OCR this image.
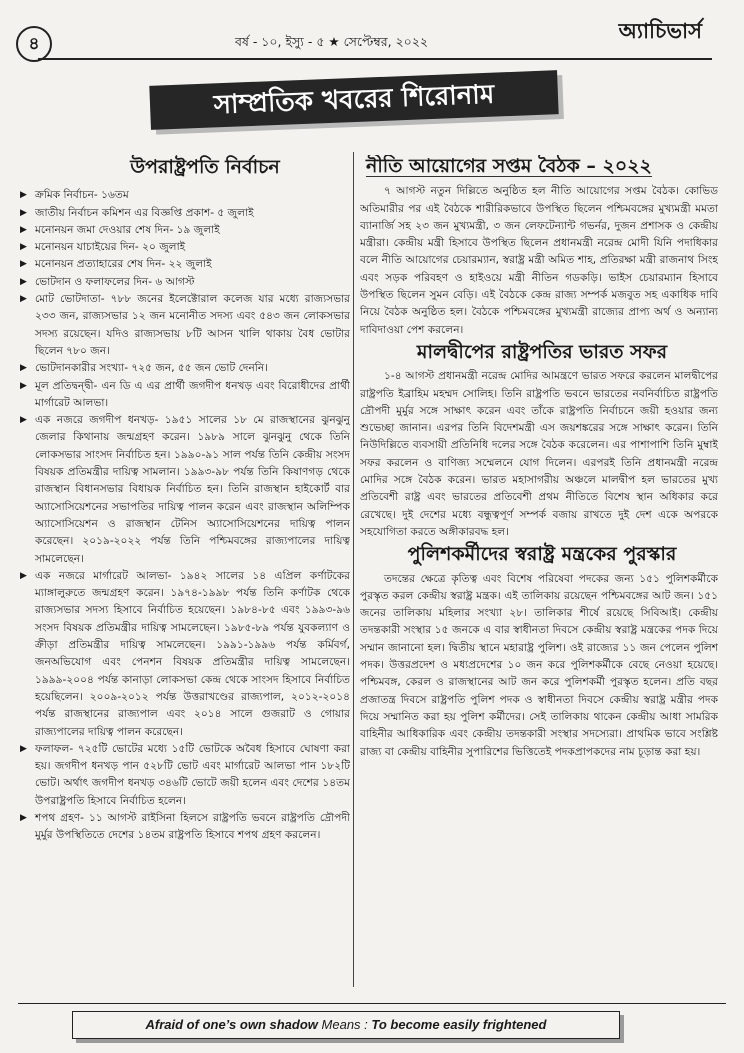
৪	বর্ষ - ১০, ইস্যু - ৫ ★ সেপ্টেম্বর, ২০২২	অ্যাচিভার্স
সাম্প্রতিক খবরের শিরোনাম
উপরাষ্ট্রপতি নির্বাচন
▶ ক্রমিক নির্বাচন- ১৬তম

▶ জাতীয় নির্বাচন কমিশন এর বিজ্ঞপ্তি প্রকাশ- ৫ জুলাই

▶ মনোনয়ন জমা দেওয়ার শেষ দিন- ১৯ জুলাই

▶ মনোনয়ন যাচাইয়ের দিন- ২০ জুলাই

▶ মনোনয়ন প্রত্যাহারের শেষ দিন- ২২ জুলাই

▶ ভোটদান ও ফলাফলের দিন- ৬ আগস্ট

▶ মোট ভোটদাতা- ৭৮৮ জনের ইলেক্টোরাল কলেজ যার মধ্যে রাজ্যসভার ২৩৩ জন, রাজ্যসভার ১২ জন মনোনীত সদস্য এবং ৫৪৩ জন লোকসভার সদস্য রয়েছেন। যদিও রাজ্যসভায় ৮টি আসন খালি থাকায় বৈধ ভোটার ছিলেন ৭৮০ জন।

▶ ভোটদানকারীর সংখ্যা- ৭২৫ জন, ৫৫ জন ভোট দেননি।

▶ মূল প্রতিদ্বন্দ্বী- এন ডি এ এর প্রার্থী জগদীপ ধনখড় এবং বিরোধীদের প্রার্থী মার্গারেট আলভা।

▶ এক নজরে জগদীপ ধনখড়- ১৯৫১ সালের ১৮ মে রাজস্থানের ঝুনঝুনু জেলার কিথানায় জন্মগ্রহণ করেন। ১৯৮৯ সালে ঝুনঝুনু থেকে তিনি লোকসভার সাংসদ নির্বাচিত হন। ১৯৯০-৯১ সাল পর্যন্ত তিনি কেন্দ্রীয় সংসদ বিষয়ক প্রতিমন্ত্রীর দায়িত্ব সামলান। ১৯৯৩-৯৮ পর্যন্ত তিনি কিষাণগড় থেকে রাজস্থান বিধানসভার বিধায়ক নির্বাচিত হন। তিনি রাজস্থান হাইকোর্ট বার অ্যাসোসিয়েশনের সভাপতির দায়িত্ব পালন করেন এবং রাজস্থান অলিম্পিক অ্যাসোসিয়েশন ও রাজস্থান টেনিস অ্যাসোসিয়েশনের দায়িত্ব পালন করেছেন। ২০১৯-২০২২ পর্যন্ত তিনি পশ্চিমবঙ্গের রাজ্যপালের দায়িত্ব সামলেছেন।

▶ এক নজরে মার্গারেট আলভা- ১৯৪২ সালের ১৪ এপ্রিল কর্ণাটকের ম্যাঙ্গালুরুতে জন্মগ্রহণ করেন। ১৯৭৪-১৯৯৮ পর্যন্ত তিনি কর্ণাটক থেকে রাজ্যসভার সদস্য হিসাবে নির্বাচিত হয়েছেন। ১৯৮৪-৮৫ এবং ১৯৯৩-৯৬ সংসদ বিষয়ক প্রতিমন্ত্রীর দায়িত্ব সামলেছেন। ১৯৮৫-৮৯ পর্যন্ত যুবকল্যাণ ও ক্রীড়া প্রতিমন্ত্রীর দায়িত্ব সামলেছেন। ১৯৯১-১৯৯৬ পর্যন্ত কর্মিবর্গ, জনঅভিযোগ এবং পেনশন বিষয়ক প্রতিমন্ত্রীর দায়িত্ব সামলেছেন। ১৯৯৯-২০০৪ পর্যন্ত কানাড়া লোকসভা কেন্দ্র থেকে সাংসদ হিসাবে নির্বাচিত হয়েছিলেন। ২০০৯-২০১২ পর্যন্ত উত্তরাখণ্ডের রাজ্যপাল, ২০১২-২০১৪ পর্যন্ত রাজস্থানের রাজ্যপাল এবং ২০১৪ সালে গুজরাট ও গোয়ার রাজ্যপালের দায়িত্ব পালন করেছেন।

▶ ফলাফল- ৭২৫টি ভোটের মধ্যে ১৫টি ভোটকে অবৈধ হিসাবে ঘোষণা করা হয়। জগদীপ ধনখড় পান ৫২৮টি ভোট এবং মার্গারেট আলভা পান ১৮২টি ভোট। অর্থাৎ জগদীপ ধনখড় ৩৪৬টি ভোটে জয়ী হলেন এবং দেশের ১৪তম উপরাষ্ট্রপতি হিসাবে নির্বাচিত হলেন।

▶ শপথ গ্রহণ- ১১ আগস্ট রাইসিনা হিলসে রাষ্ট্রপতি ভবনে রাষ্ট্রপতি দ্রৌপদী মুর্মুর উপস্থিতিতে দেশের ১৪তম রাষ্ট্রপতি হিসাবে শপথ গ্রহণ করলেন।

নীতি আয়োগের সপ্তম বৈঠক – ২০২২

৭ আগস্ট নতুন দিল্লিতে অনুষ্ঠিত হল নীতি আয়োগের সপ্তম বৈঠক। কোভিড অতিমারীর পর এই বৈঠকে শারীরিকভাবে উপস্থিত ছিলেন পশ্চিমবঙ্গের মুখ্যমন্ত্রী মমতা ব্যানার্জি সহ ২৩ জন মুখ্যমন্ত্রী, ৩ জন লেফটেন্যান্ট গভর্নর, দুজন প্রশাসক ও কেন্দ্রীয় মন্ত্রীরা। কেন্দ্রীয় মন্ত্রী হিসাবে উপস্থিত ছিলেন প্রধানমন্ত্রী নরেন্দ্র মোদী যিনি পদাধিকার বলে নীতি আয়োগের চেয়ারম্যান, স্বরাষ্ট্র মন্ত্রী অমিত শাহ, প্রতিরক্ষা মন্ত্রী রাজনাথ সিংহ এবং সড়ক পরিবহণ ও হাইওয়ে মন্ত্রী নীতিন গডকড়ি। ভাইস চেয়ারম্যান হিসাবে উপস্থিত ছিলেন সুমন বেড়ি। এই বৈঠকে কেন্দ্র রাজ্য সম্পর্ক মজবুত সহ একাধিক দাবি নিয়ে বৈঠক অনুষ্ঠিত হল। বৈঠকে পশ্চিমবঙ্গের মুখ্যমন্ত্রী রাজ্যের প্রাপ্য অর্থ ও অন্যান্য দাবিদাওয়া পেশ করলেন।

মালদ্বীপের রাষ্ট্রপতির ভারত সফর

১-৪ আগস্ট প্রধানমন্ত্রী নরেন্দ্র মোদির আমন্ত্রণে ভারত সফরে করলেন মালদ্বীপের রাষ্ট্রপতি ইব্রাহিম মহম্মদ সোলিহ। তিনি রাষ্ট্রপতি ভবনে ভারতের নবনির্বাচিত রাষ্ট্রপতি দ্রৌপদী মুর্মুর সঙ্গে সাক্ষাৎ করেন এবং তাঁকে রাষ্ট্রপতি নির্বাচনে জয়ী হওয়ার জন্য শুভেচ্ছা জানান। এরপর তিনি বিদেশমন্ত্রী এস জয়শঙ্করের সঙ্গে সাক্ষাৎ করেন। তিনি নিউদিল্লিতে ব্যবসায়ী প্রতিনিধি দলের সঙ্গে বৈঠক করেলেন। এর পাশাপাশি তিনি মুম্বাই সফর করলেন ও বাণিজ্য সম্মেলনে যোগ দিলেন। এরপরই তিনি প্রধানমন্ত্রী নরেন্দ্র মোদির সঙ্গে বৈঠক করেন। ভারত মহাসাগরীয় অঞ্চলে মালদ্বীপ হল ভারতের মুখ্য প্রতিবেশী রাষ্ট্র এবং ভারতের প্রতিবেশী প্রথম নীতিতে বিশেষ স্থান অধিকার করে রেখেছে। দুই দেশের মধ্যে বন্ধুত্বপূর্ণ সম্পর্ক বজায় রাখতে দুই দেশ একে অপরকে সহযোগিতা করতে অঙ্গীকারবদ্ধ হল।

পুলিশকর্মীদের স্বরাষ্ট্র মন্ত্রকের পুরস্কার

তদন্তের ক্ষেত্রে কৃতিত্ব এবং বিশেষ পরিষেবা পদকের জন্য ১৫১ পুলিশকর্মীকে পুরস্কৃত করল কেন্দ্রীয় স্বরাষ্ট্র মন্ত্রক। এই তালিকায় রয়েছেন পশ্চিমবঙ্গের আট জন। ১৫১ জনের তালিকায় মহিলার সংখ্যা ২৮। তালিকার শীর্ষে রয়েছে সিবিআই। কেন্দ্রীয় তদন্তকারী সংস্থার ১৫ জনকে এ বার স্বাধীনতা দিবসে কেন্দ্রীয় স্বরাষ্ট্র মন্ত্রকের পদক দিয়ে সম্মান জানানো হল। দ্বিতীয় স্থানে মহারাষ্ট্র পুলিশ। ওই রাজ্যের ১১ জন পেলেন পুলিশ পদক। উত্তরপ্রদেশ ও মধ্যপ্রদেশের ১০ জন করে পুলিশকর্মীকে বেছে নেওয়া হয়েছে। পশ্চিমবঙ্গ, কেরল ও রাজস্থানের আট জন করে পুলিশকর্মী পুরস্কৃত হলেন। প্রতি বছর প্রজাতন্ত্র দিবসে রাষ্ট্রপতি পুলিশ পদক ও স্বাধীনতা দিবসে কেন্দ্রীয় স্বরাষ্ট্র মন্ত্রীর পদক দিয়ে সম্মানিত করা হয় পুলিশ কর্মীদের। সেই তালিকায় থাকেন কেন্দ্রীয় আধা সামরিক বাহিনীর আধিকারিক এবং কেন্দ্রীয় তদন্তকারী সংস্থার সদস্যেরা। প্রাথমিক ভাবে সংশ্লিষ্ট রাজ্য বা কেন্দ্রীয় বাহিনীর সুপারিশের ভিত্তিতেই পদকপ্রাপকদের নাম চূড়ান্ত করা হয়।

Afraid of one’s own shadow Means : To become easily frightened
